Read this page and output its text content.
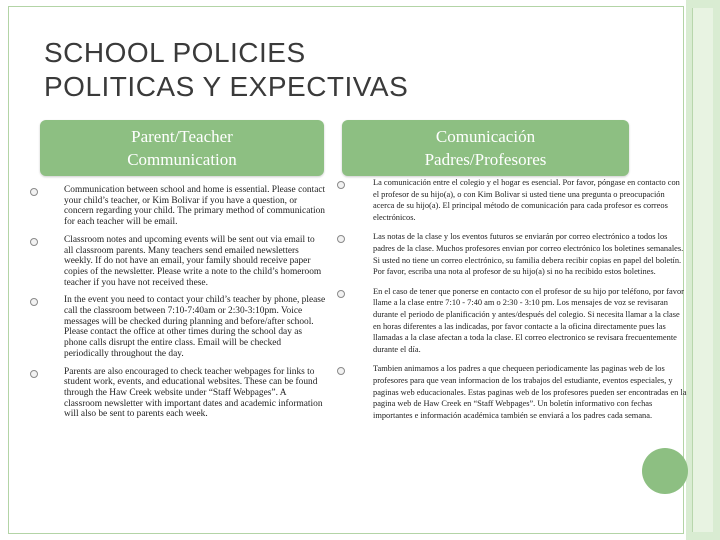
SCHOOL POLICIES
POLITICAS Y EXPECTIVAS
Parent/Teacher
Communication
Comunicación
Padres/Profesores
Communication between school and home is essential. Please contact your child’s teacher, or Kim Bolivar if you have a question, or concern regarding your child. The primary method of communication for each teacher will be email.
Classroom notes and upcoming events will be sent out via email to all classroom parents. Many teachers send emailed newsletters weekly. If do not have an email, your family should receive paper copies of the newsletter. Please write a note to the child’s homeroom teacher if you have not received these.
In the event you need to contact your child’s teacher by phone, please call the classroom between 7:10-7:40am or 2:30-3:10pm. Voice messages will be checked during planning and before/after school. Please contact the office at other times during the school day as phone calls disrupt the entire class. Email will be checked periodically throughout the day.
Parents are also encouraged to check teacher webpages for links to student work, events, and educational websites. These can be found through the Haw Creek website under “Staff Webpages”. A classroom newsletter with important dates and academic information will also be sent to parents each week.
La comunicación entre el colegio y el hogar es esencial. Por favor, póngase en contacto con el profesor de su hijo(a), o con Kim Bolivar si usted tiene una pregunta o preocupación acerca de su hijo(a). El principal método de comunicación para cada profesor es correos electrónicos.
Las notas de la clase y los eventos futuros se enviarán por correo electrónico a todos los padres de la clase. Muchos profesores envian por correo electrónico los boletines semanales. Si usted no tiene un correo electrónico, su familia debera recibir copias en papel del boletín. Por favor, escriba una nota al profesor de su hijo(a) si no ha recibido estos boletines.
En el caso de tener que ponerse en contacto con el profesor de su hijo por teléfono, por favor llame a la clase entre 7:10 - 7:40 am o 2:30 - 3:10 pm. Los mensajes de voz se revisaran durante el periodo de planificación y antes/después del colegio. Si necesita llamar a la clase en horas diferentes a las indicadas, por favor contacte a la oficina directamente pues las llamadas a la clase afectan a toda la clase. El correo electronico se revisara frecuentemente durante el día.
Tambien animamos a los padres a que chequeen periodicamente las paginas web de los profesores para que vean informacion de los trabajos del estudiante, eventos especiales, y paginas web educacionales. Estas paginas web de los profesores pueden ser encontradas en la pagina web de Haw Creek en “Staff Webpages”. Un boletín informativo con fechas importantes e información académica también se enviará a los padres cada semana.
